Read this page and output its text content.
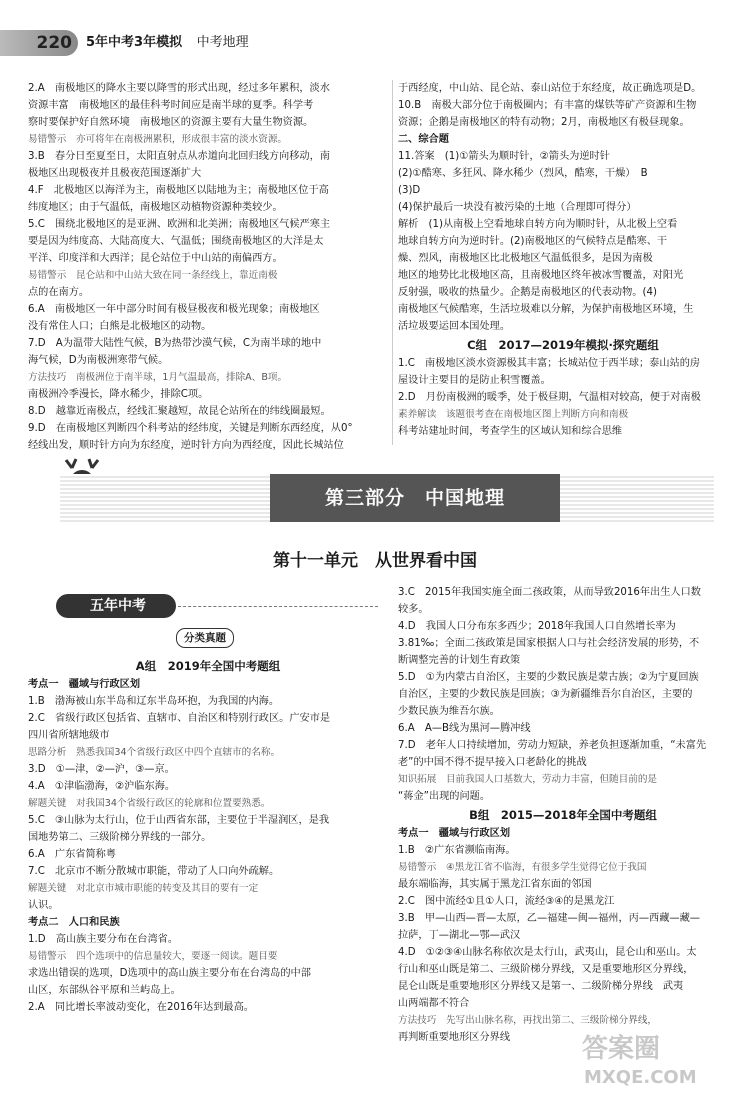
220	5年中考3年模拟 中考地理

2.A　南极地区的降水主要以降雪的形式出现，经过多年累积，淡水

资源丰富　南极地区的最佳科考时间应是南半球的夏季。科学考

察时要保护好自然环境　南极地区的资源主要有大量生物资源。

易错警示　亦可将年在南极洲累积，形成很丰富的淡水资源。

3.B　春分日至夏至日，太阳直射点从赤道向北回归线方向移动，南

极地区出现极夜并且极夜范围逐渐扩大

4.F　北极地区以海洋为主，南极地区以陆地为主；南极地区位于高

纬度地区；由于气温低，南极地区动植物资源种类较少。

5.C　围绕北极地区的是亚洲、欧洲和北美洲；南极地区气候严寒主

要是因为纬度高、大陆高度大、气温低；围绕南极地区的大洋是太

平洋、印度洋和大西洋；昆仑站位于中山站的南偏西方。

易错警示　昆仑站和中山站大致在同一条经线上，靠近南极

点的在南方。

6.A　南极地区一年中部分时间有极昼极夜和极光现象；南极地区

没有常住人口；白熊是北极地区的动物。

7.D　A为温带大陆性气候，B为热带沙漠气候，C为南半球的地中

海气候，D为南极洲寒带气候。

方法技巧　南极洲位于南半球，1月气温最高，排除A、B项。

南极洲冷季漫长，降水稀少，排除C项。

8.D　越靠近南极点，经线汇聚越短，故昆仑站所在的纬线圈最短。

9.D　在南极地区判断四个科考站的经纬度，关键是判断东西经度，从0°

经线出发，顺时针方向为东经度，逆时针方向为西经度，因此长城站位

于西经度，中山站、昆仑站、泰山站位于东经度，故正确选项是D。

10.B　南极大部分位于南极圈内；有丰富的煤铁等矿产资源和生物

资源；企鹅是南极地区的特有动物；2月，南极地区有极昼现象。

二、综合题

11.答案　(1)①箭头为顺时针，②箭头为逆时针

(2)①酷寒、多狂风、降水稀少（烈风，酷寒，干燥）　B

(3)D

(4)保护最后一块没有被污染的土地（合理即可得分）

解析　(1)从南极上空看地球自转方向为顺时针，从北极上空看

地球自转方向为逆时针。(2)南极地区的气候特点是酷寒、干

燥、烈风，南极地区比北极地区气温低很多，是因为南极

地区的地势比北极地区高，且南极地区终年被冰雪覆盖，对阳光

反射强，吸收的热量少。企鹅是南极地区的代表动物。(4)

南极地区气候酷寒，生活垃圾难以分解，为保护南极地区环境，生

活垃圾要运回本国处理。

C组　2017—2019年模拟·探究题组

1.C　南极地区淡水资源极其丰富；长城站位于西半球；泰山站的房

屋设计主要目的是防止积雪覆盖。

2.D　月份南极洲的暖季，处于极昼期，气温相对较高，便于对南极

素养解读　该题很考查在南极地区图上判断方向和南极

科考站建址时间，考查学生的区域认知和综合思维

第三部分　 中国地理
第十一单元　从世界看中国
五年中考
分类真题

A组　2019年全国中考题组

考点一　疆域与行政区划

1.B　渤海被山东半岛和辽东半岛环抱，为我国的内海。

2.C　省级行政区包括省、直辖市、自治区和特别行政区。广安市是

四川省所辖地级市

思路分析　熟悉我国34个省级行政区中四个直辖市的名称。

3.D　①—津，②—沪，③—京。

4.A　①津临渤海，②沪临东海。

解题关键　对我国34个省级行政区的轮廓和位置要熟悉。

5.C　③山脉为太行山，位于山西省东部，主要位于半湿润区，是我

国地势第二、三级阶梯分界线的一部分。

6.A　广东省简称粤

7.C　北京市不断分散城市职能，带动了人口向外疏解。

解题关键　对北京市城市职能的转变及其目的要有一定

认识。

考点二　人口和民族

1.D　高山族主要分布在台湾省。

易错警示　四个选项中的信息量较大，要逐一阅读。题目要

求选出错误的选项，D选项中的高山族主要分布在台湾岛的中部

山区，东部纵谷平原和兰屿岛上。

2.A　同比增长率波动变化，在2016年达到最高。

3.C　2015年我国实施全面二孩政策，从而导致2016年出生人口数

较多。

4.D　我国人口分布东多西少；2018年我国人口自然增长率为

3.81‰；全面二孩政策是国家根据人口与社会经济发展的形势，不

断调整完善的计划生育政策

5.D　①为内蒙古自治区，主要的少数民族是蒙古族；②为宁夏回族

自治区，主要的少数民族是回族；③为新疆维吾尔自治区，主要的

少数民族为维吾尔族。

6.A　A—B线为黑河—腾冲线

7.D　老年人口持续增加，劳动力短缺，养老负担逐渐加重，“未富先

老”的中国不得不提早接入口老龄化的挑战

知识拓展　目前我国人口基数大，劳动力丰富，但随目前的是

“蒋金”出现的问题。

B组　2015—2018年全国中考题组

考点一　疆域与行政区划

1.B　②广东省濒临南海。

易错警示　④黑龙江省不临海，有很多学生觉得它位于我国

最东端临海，其实属于黑龙江省东面的邻国

2.C　图中流经①且①人口，流经③④的是黑龙江

3.B　甲—山西—晋—太原，乙—福建—闽—福州，丙—西藏—藏—

拉萨，丁—湖北—鄂—武汉

4.D　①②③④山脉名称依次是太行山，武夷山，昆仑山和巫山。太

行山和巫山既是第二、三级阶梯分界线，又是重要地形区分界线，

昆仑山既是重要地形区分界线又是第一、二级阶梯分界线　武夷

山两端都不符合

方法技巧　先写出山脉名称，再找出第二、三级阶梯分界线，

再判断重要地形区分界线	答案圈
MXQE.COM
